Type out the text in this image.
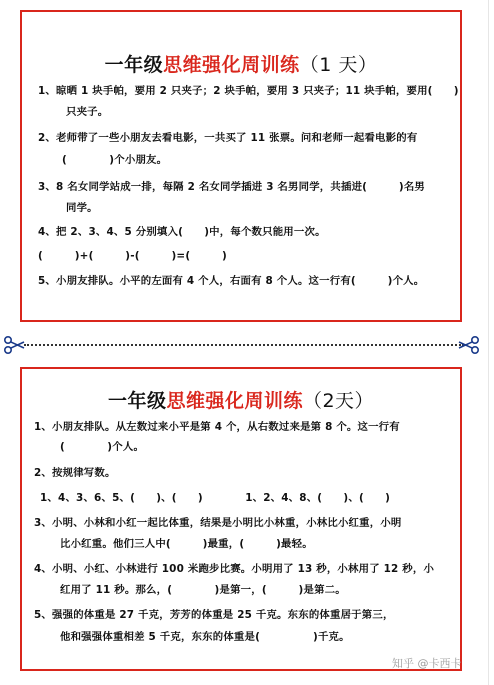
一年级思维强化周训练（1 天）
1、晾晒 1 块手帕，要用 2 只夹子；2 块手帕，要用 3 只夹子；11 块手帕，要用(　　)
只夹子。
2、老师带了一些小朋友去看电影，一共买了 11 张票。问和老师一起看电影的有
(　　　　)个小朋友。
3、8 名女同学站成一排，每隔 2 名女同学插进 3 名男同学，共插进(　　　)名男
同学。
4、把 2、3、4、5 分别填入(　　)中，每个数只能用一次。
(　　　)+(　　　)-(　　　)=(　　　)
5、小朋友排队。小平的左面有 4 个人，右面有 8 个人。这一行有(　　　)个人。
一年级思维强化周训练（2天）
1、小朋友排队。从左数过来小平是第 4 个，从右数过来是第 8 个。这一行有
(　　　　)个人。
2、按规律写数。
1、4、3、6、5、(　　)、(　　)　　　　1、2、4、8、(　　)、(　　)
3、小明、小林和小红一起比体重，结果是小明比小林重，小林比小红重，小明
比小红重。他们三人中(　　　)最重，(　　　)最轻。
4、小明、小红、小林进行 100 米跑步比赛。小明用了 13 秒，小林用了 12 秒，小
红用了 11 秒。那么，(　　　　)是第一，(　　　)是第二。
5、强强的体重是 27 千克，芳芳的体重是 25 千克。东东的体重居于第三，
他和强强体重相差 5 千克，东东的体重是(　　　　　)千克。
知乎 @卡西卡
